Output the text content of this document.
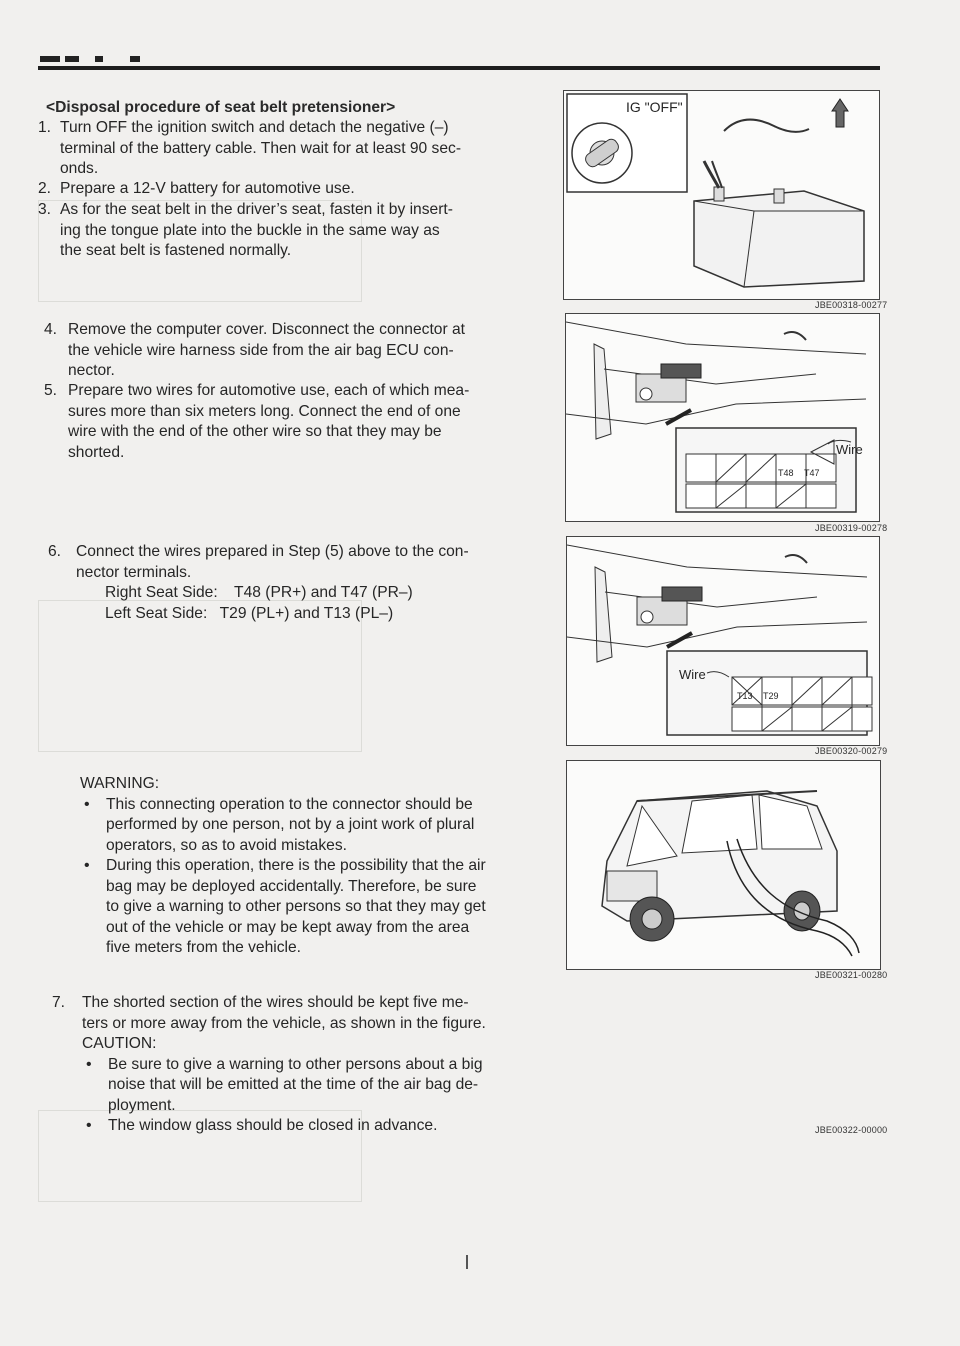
<Disposal procedure of seat belt pretensioner>
1. Turn OFF the ignition switch and detach the negative (–)
terminal of the battery cable. Then wait for at least 90 sec-
onds.
2. Prepare a 12-V battery for automotive use.
3. As for the seat belt in the driver’s seat, fasten it by insert-
ing the tongue plate into the buckle in the same way as
the seat belt is fastened normally.
4. Remove the computer cover. Disconnect the connector at
the vehicle wire harness side from the air bag ECU con-
nector.
5. Prepare two wires for automotive use, each of which mea-
sures more than six meters long. Connect the end of one
wire with the end of the other wire so that they may be
shorted.
6. Connect the wires prepared in Step (5) above to the con-
nector terminals.
Right Seat Side: T48 (PR+) and T47 (PR–)
Left Seat Side: T29 (PL+) and T13 (PL–)
WARNING:
• This connecting operation to the connector should be
performed by one person, not by a joint work of plural
operators, so as to avoid mistakes.
• During this operation, there is the possibility that the air
bag may be deployed accidentally. Therefore, be sure
to give a warning to other persons so that they may get
out of the vehicle or may be kept away from the area
five meters from the vehicle.
7.	The shorted section of the wires should be kept five me-
ters or more away from the vehicle, as shown in the figure.
CAUTION:
• Be sure to give a warning to other persons about a big
noise that will be emitted at the time of the air bag de-
ployment.
• The window glass should be closed in advance.
IG "OFF"
JBE00318-00277
Wire
T48 T47
JBE00319-00278
Wire
T13 T29
JBE00320-00279
JBE00321-00280
JBE00322-00000
